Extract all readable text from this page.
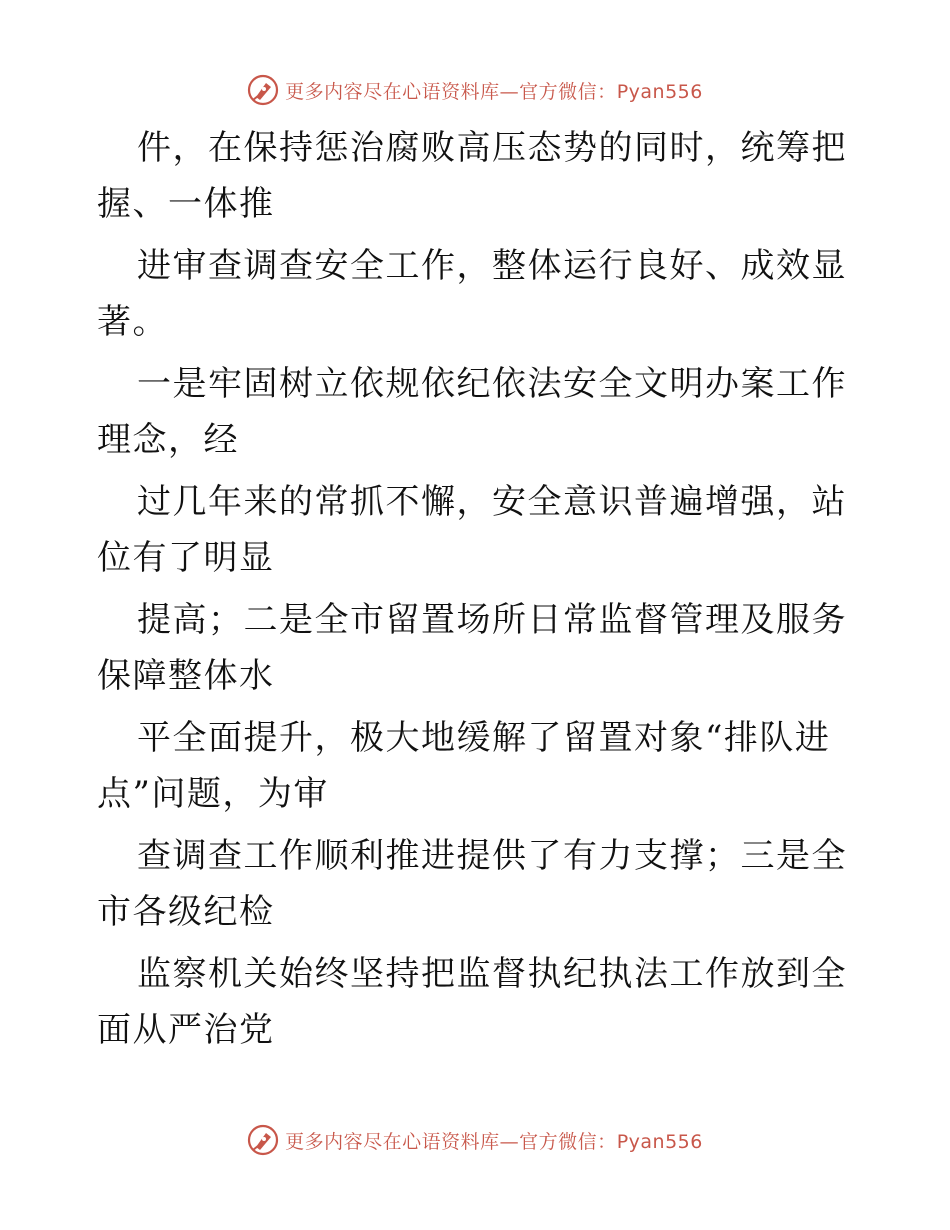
更多内容尽在心语资料库—官方微信：Pyan556

件，在保持惩治腐败高压态势的同时，统筹把握、一体推

进审查调查安全工作，整体运行良好、成效显著。

一是牢固树立依规依纪依法安全文明办案工作理念，经

过几年来的常抓不懈，安全意识普遍增强，站位有了明显

提高；二是全市留置场所日常监督管理及服务保障整体水

平全面提升，极大地缓解了留置对象“排队进点”问题，为审

查调查工作顺利推进提供了有力支撑；三是全市各级纪检

监察机关始终坚持把监督执纪执法工作放到全面从严治党

更多内容尽在心语资料库—官方微信：Pyan556
